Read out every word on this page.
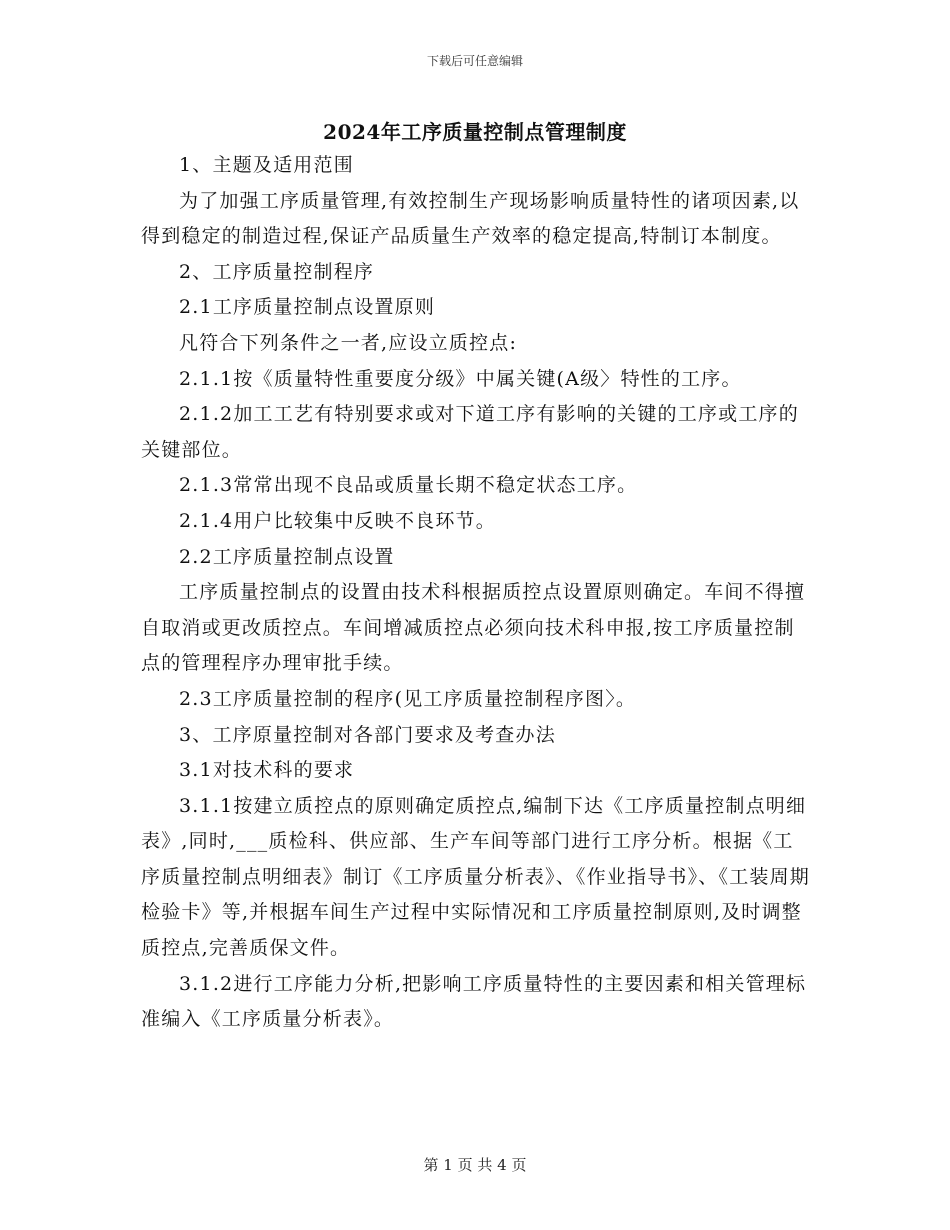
下载后可任意编辑
2024年工序质量控制点管理制度

1、主题及适用范围

为了加强工序质量管理,有效控制生产现场影响质量特性的诸项因素,以得到稳定的制造过程,保证产品质量生产效率的稳定提高,特制订本制度。

2、工序质量控制程序

2.1工序质量控制点设置原则

凡符合下列条件之一者,应设立质控点:

2.1.1按《质量特性重要度分级》中属关键(A级〉特性的工序。

2.1.2加工工艺有特别要求或对下道工序有影响的关键的工序或工序的关键部位。

2.1.3常常出现不良品或质量长期不稳定状态工序。

2.1.4用户比较集中反映不良环节。

2.2工序质量控制点设置

工序质量控制点的设置由技术科根据质控点设置原则确定。车间不得擅自取消或更改质控点。车间增减质控点必须向技术科申报,按工序质量控制点的管理程序办理审批手续。

2.3工序质量控制的程序(见工序质量控制程序图〉。

3、工序原量控制对各部门要求及考查办法

3.1对技术科的要求

3.1.1按建立质控点的原则确定质控点,编制下达《工序质量控制点明细表》,同时,___质检科、供应部、生产车间等部门进行工序分析。根据《工序质量控制点明细表》制订《工序质量分析表》、《作业指导书》、《工装周期检验卡》等,并根据车间生产过程中实际情况和工序质量控制原则,及时调整质控点,完善质保文件。

3.1.2进行工序能力分析,把影响工序质量特性的主要因素和相关管理标准编入《工序质量分析表》。

第 1 页 共 4 页
